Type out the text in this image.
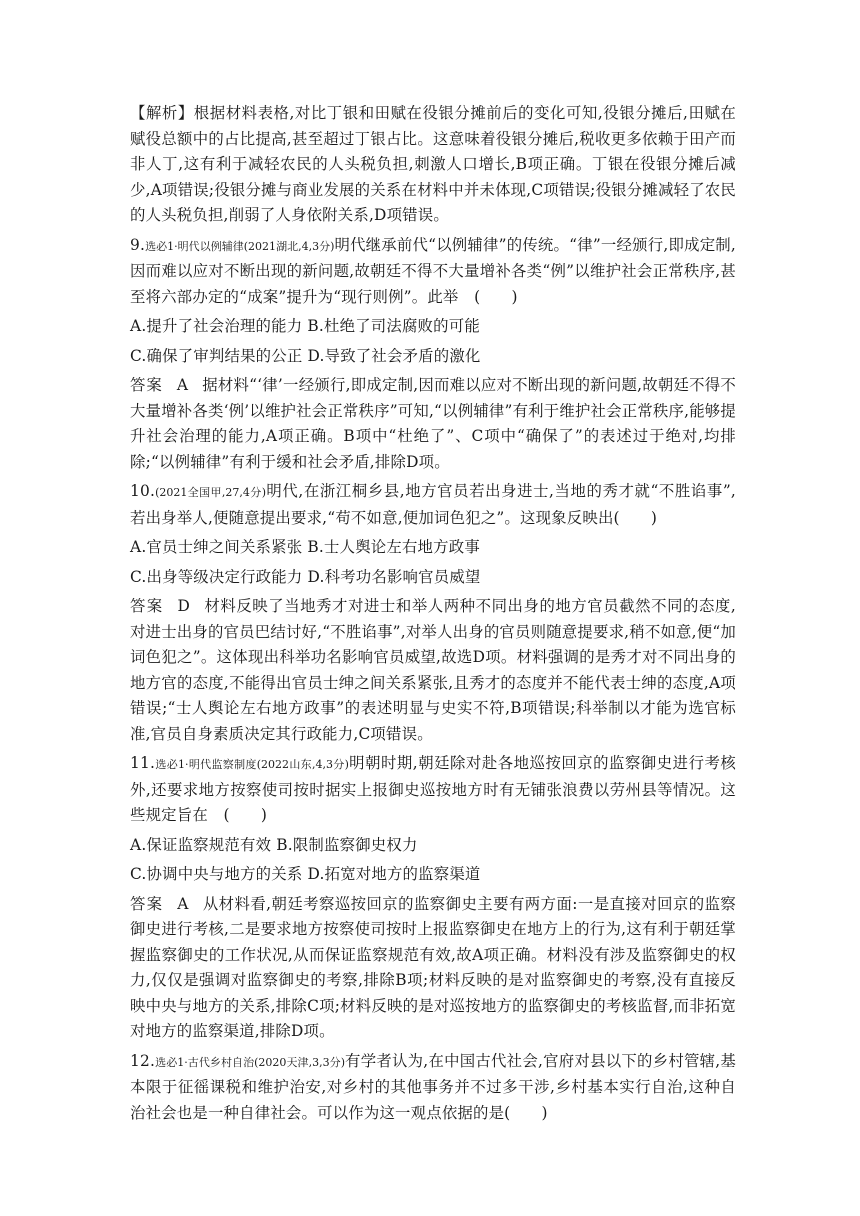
【解析】根据材料表格,对比丁银和田赋在役银分摊前后的变化可知,役银分摊后,田赋在赋役总额中的占比提高,甚至超过丁银占比。这意味着役银分摊后,税收更多依赖于田产而非人丁,这有利于减轻农民的人头税负担,刺激人口增长,B项正确。丁银在役银分摊后减少,A项错误;役银分摊与商业发展的关系在材料中并未体现,C项错误;役银分摊减轻了农民的人头税负担,削弱了人身依附关系,D项错误。

9.选必1·明代以例辅律(2021湖北,4,3分)明代继承前代“以例辅律”的传统。“律”一经颁行,即成定制,因而难以应对不断出现的新问题,故朝廷不得不大量增补各类“例”以维护社会正常秩序,甚至将六部办定的“成案”提升为“现行则例”。此举　(　　)

A.提升了社会治理的能力 B.杜绝了司法腐败的可能

C.确保了审判结果的公正 D.导致了社会矛盾的激化

答案 A 据材料“‘律’一经颁行,即成定制,因而难以应对不断出现的新问题,故朝廷不得不大量增补各类‘例’以维护社会正常秩序”可知,“以例辅律”有利于维护社会正常秩序,能够提升社会治理的能力,A项正确。B项中“杜绝了”、C项中“确保了”的表述过于绝对,均排除;“以例辅律”有利于缓和社会矛盾,排除D项。

10.(2021全国甲,27,4分)明代,在浙江桐乡县,地方官员若出身进士,当地的秀才就“不胜谄事”,若出身举人,便随意提出要求,“苟不如意,便加词色犯之”。这现象反映出(　　)

A.官员士绅之间关系紧张 B.士人舆论左右地方政事

C.出身等级决定行政能力 D.科考功名影响官员威望

答案 D 材料反映了当地秀才对进士和举人两种不同出身的地方官员截然不同的态度,对进士出身的官员巴结讨好,“不胜谄事”,对举人出身的官员则随意提要求,稍不如意,便“加词色犯之”。这体现出科举功名影响官员威望,故选D项。材料强调的是秀才对不同出身的地方官的态度,不能得出官员士绅之间关系紧张,且秀才的态度并不能代表士绅的态度,A项错误;“士人舆论左右地方政事”的表述明显与史实不符,B项错误;科举制以才能为选官标准,官员自身素质决定其行政能力,C项错误。

11.选必1·明代监察制度(2022山东,4,3分)明朝时期,朝廷除对赴各地巡按回京的监察御史进行考核外,还要求地方按察使司按时据实上报御史巡按地方时有无铺张浪费以劳州县等情况。这些规定旨在　(　　)

A.保证监察规范有效 B.限制监察御史权力

C.协调中央与地方的关系 D.拓宽对地方的监察渠道

答案 A 从材料看,朝廷考察巡按回京的监察御史主要有两方面:一是直接对回京的监察御史进行考核,二是要求地方按察使司按时上报监察御史在地方上的行为,这有利于朝廷掌握监察御史的工作状况,从而保证监察规范有效,故A项正确。材料没有涉及监察御史的权力,仅仅是强调对监察御史的考察,排除B项;材料反映的是对监察御史的考察,没有直接反映中央与地方的关系,排除C项;材料反映的是对巡按地方的监察御史的考核监督,而非拓宽对地方的监察渠道,排除D项。

12.选必1·古代乡村自治(2020天津,3,3分)有学者认为,在中国古代社会,官府对县以下的乡村管辖,基本限于征徭课税和维护治安,对乡村的其他事务并不过多干涉,乡村基本实行自治,这种自治社会也是一种自律社会。可以作为这一观点依据的是(　　)
